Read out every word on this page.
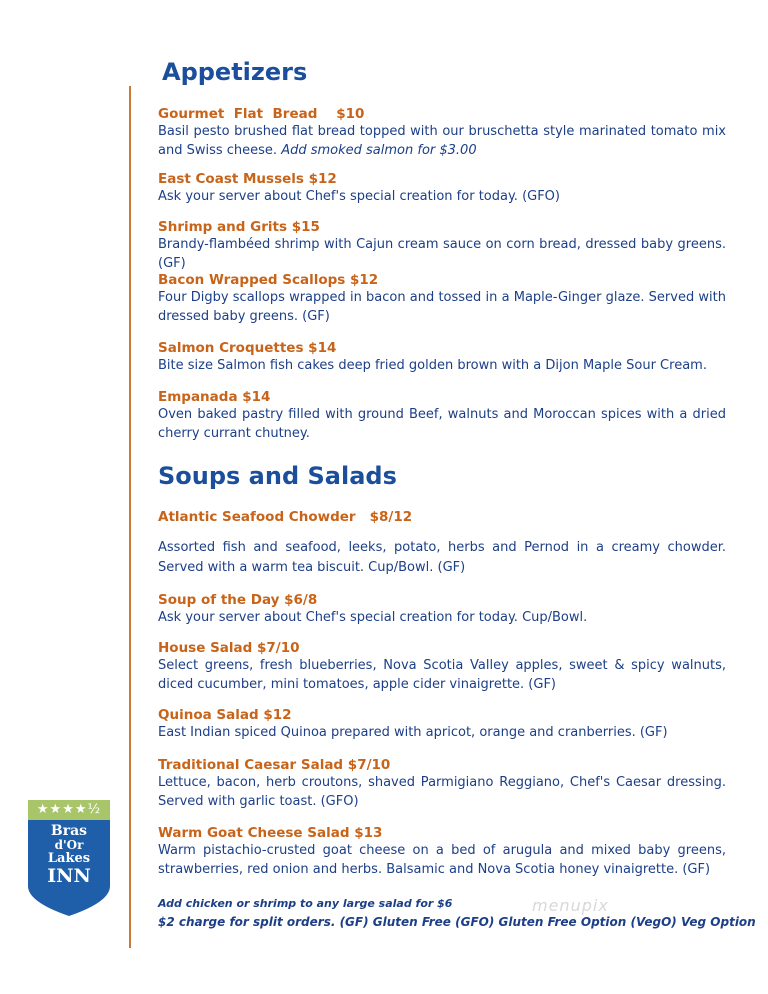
Appetizers
Gourmet  Flat  Bread    $10
Basil pesto brushed flat bread topped with our bruschetta style marinated tomato mix and Swiss cheese. Add smoked salmon for $3.00
East Coast Mussels $12
Ask your server about Chef's special creation for today. (GFO)
Shrimp and Grits $15
Brandy-flambéed shrimp with Cajun cream sauce on corn bread, dressed baby greens. (GF)
Bacon Wrapped Scallops $12
Four Digby scallops wrapped in bacon and tossed in a Maple-Ginger glaze. Served with dressed baby greens. (GF)
Salmon Croquettes $14
Bite size Salmon fish cakes deep fried golden brown with a Dijon Maple Sour Cream.
Empanada $14
Oven baked pastry filled with ground Beef, walnuts and Moroccan spices with a dried cherry currant chutney.
Soups and Salads
Atlantic Seafood Chowder   $8/12
Assorted fish and seafood, leeks, potato, herbs and Pernod in a creamy chowder. Served with a warm tea biscuit. Cup/Bowl. (GF)
Soup of the Day $6/8
Ask your server about Chef's special creation for today. Cup/Bowl.
House Salad $7/10
Select greens, fresh blueberries, Nova Scotia Valley apples, sweet & spicy walnuts, diced cucumber, mini tomatoes, apple cider vinaigrette. (GF)
Quinoa Salad $12
East Indian spiced Quinoa prepared with apricot, orange and cranberries. (GF)
Traditional Caesar Salad $7/10
Lettuce, bacon, herb croutons, shaved Parmigiano Reggiano, Chef's Caesar dressing. Served with garlic toast. (GFO)
Warm Goat Cheese Salad $13
Warm pistachio-crusted goat cheese on a bed of arugula and mixed baby greens, strawberries, red onion and herbs. Balsamic and Nova Scotia honey vinaigrette. (GF)
Add chicken or shrimp to any large salad for $6
$2 charge for split orders. (GF) Gluten Free (GFO) Gluten Free Option (VegO) Veg Option
★★★★½
Bras
d'Or
Lakes
INN
menupix
